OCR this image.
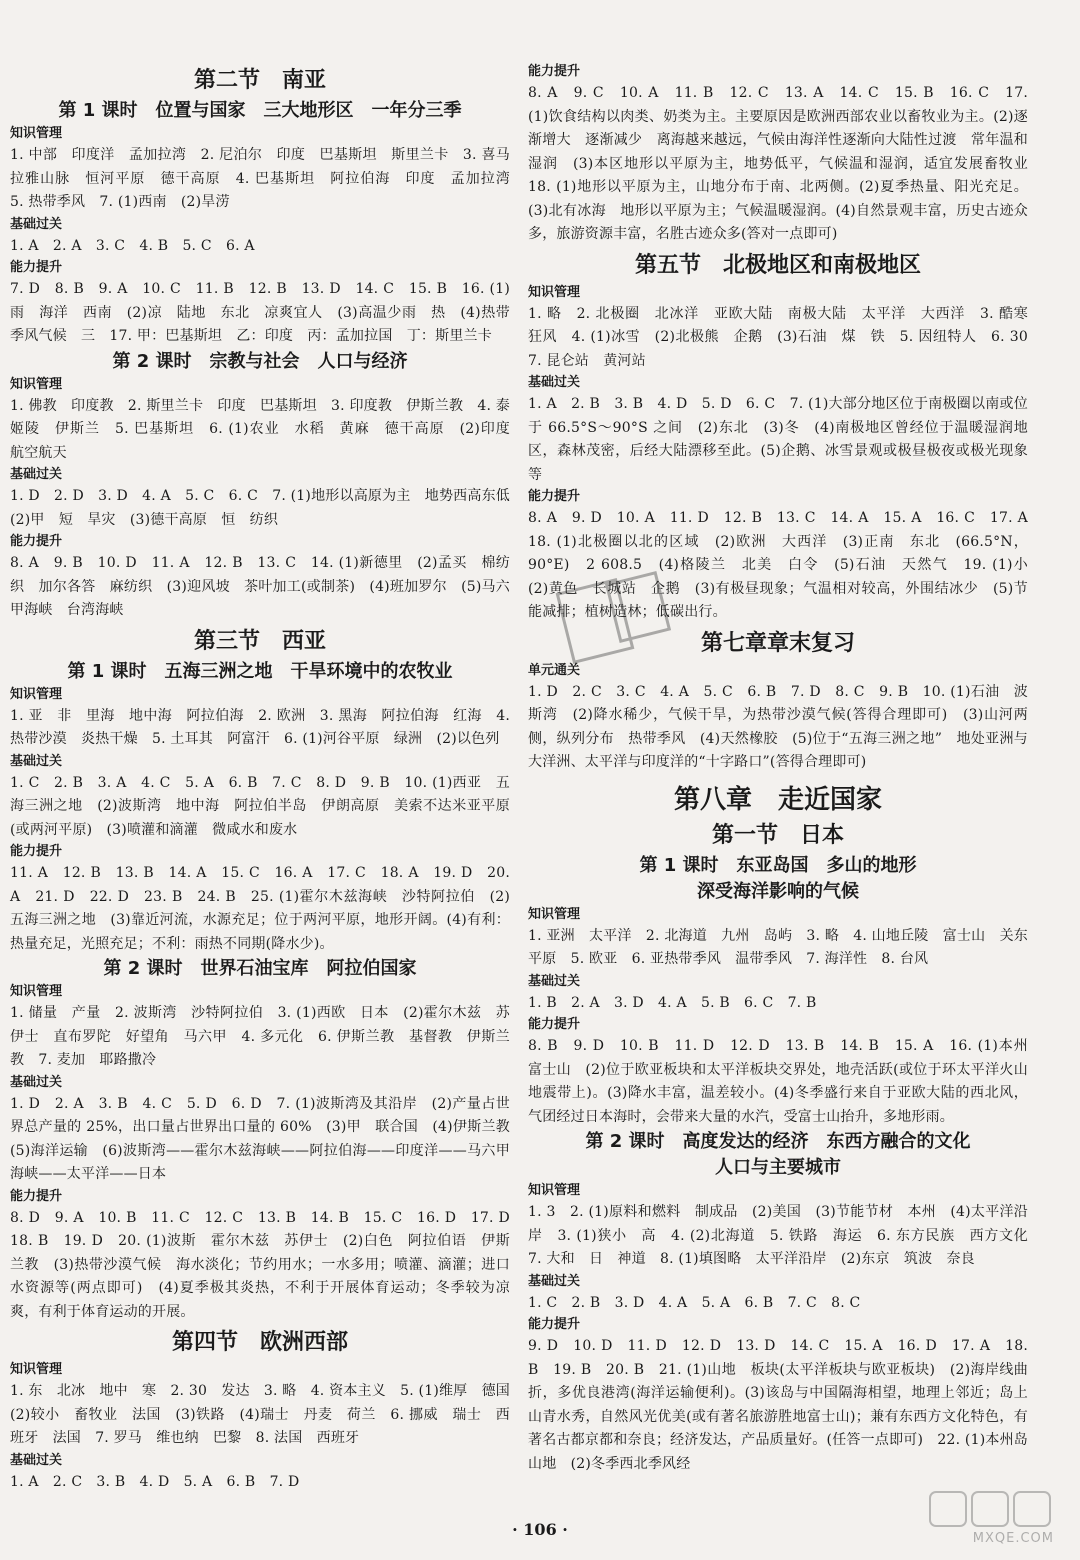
第二节　南亚
第 1 课时　位置与国家　三大地形区　一年分三季
知识管理
1. 中部　印度洋　孟加拉湾　2. 尼泊尔　印度　巴基斯坦　斯里兰卡　3. 喜马拉雅山脉　恒河平原　德干高原　4. 巴基斯坦　阿拉伯海　印度　孟加拉湾　5. 热带季风　7. (1)西南　(2)旱涝
基础过关
1. A　2. A　3. C　4. B　5. C　6. A
能力提升
7. D　8. B　9. A　10. C　11. B　12. B　13. D　14. C　15. B　16. (1)雨　海洋　西南　(2)凉　陆地　东北　凉爽宜人　(3)高温少雨　热　(4)热带季风气候　三　17. 甲：巴基斯坦　乙：印度　丙：孟加拉国　丁：斯里兰卡
第 2 课时　宗教与社会　人口与经济
知识管理
1. 佛教　印度教　2. 斯里兰卡　印度　巴基斯坦　3. 印度教　伊斯兰教　4. 泰姬陵　伊斯兰　5. 巴基斯坦　6. (1)农业　水稻　黄麻　德干高原　(2)印度　航空航天
基础过关
1. D　2. D　3. D　4. A　5. C　6. C　7. (1)地形以高原为主　地势西高东低　(2)甲　短　旱灾　(3)德干高原　恒　纺织
能力提升
8. A　9. B　10. D　11. A　12. B　13. C　14. (1)新德里　(2)孟买　棉纺织　加尔各答　麻纺织　(3)迎风坡　茶叶加工(或制茶)　(4)班加罗尔　(5)马六甲海峡　台湾海峡
第三节　西亚
第 1 课时　五海三洲之地　干旱环境中的农牧业
知识管理
1. 亚　非　里海　地中海　阿拉伯海　2. 欧洲　3. 黑海　阿拉伯海　红海　4. 热带沙漠　炎热干燥　5. 土耳其　阿富汗　6. (1)河谷平原　绿洲　(2)以色列
基础过关
1. C　2. B　3. A　4. C　5. A　6. B　7. C　8. D　9. B　10. (1)西亚　五海三洲之地　(2)波斯湾　地中海　阿拉伯半岛　伊朗高原　美索不达米亚平原(或两河平原)　(3)喷灌和滴灌　微咸水和废水
能力提升
11. A　12. B　13. B　14. A　15. C　16. A　17. C　18. A　19. D　20. A　21. D　22. D　23. B　24. B　25. (1)霍尔木兹海峡　沙特阿拉伯　(2)五海三洲之地　(3)靠近河流，水源充足；位于两河平原，地形开阔。(4)有利：热量充足，光照充足；不利：雨热不同期(降水少)。
第 2 课时　世界石油宝库　阿拉伯国家
知识管理
1. 储量　产量　2. 波斯湾　沙特阿拉伯　3. (1)西欧　日本　(2)霍尔木兹　苏伊士　直布罗陀　好望角　马六甲　4. 多元化　6. 伊斯兰教　基督教　伊斯兰教　7. 麦加　耶路撒冷
基础过关
1. D　2. A　3. B　4. C　5. D　6. D　7. (1)波斯湾及其沿岸　(2)产量占世界总产量的 25%，出口量占世界出口量的 60%　(3)甲　联合国　(4)伊斯兰教　(5)海洋运输　(6)波斯湾——霍尔木兹海峡——阿拉伯海——印度洋——马六甲海峡——太平洋——日本
能力提升
8. D　9. A　10. B　11. C　12. C　13. B　14. B　15. C　16. D　17. D　18. B　19. D　20. (1)波斯　霍尔木兹　苏伊士　(2)白色　阿拉伯语　伊斯兰教　(3)热带沙漠气候　海水淡化；节约用水；一水多用；喷灌、滴灌；进口水资源等(两点即可)　(4)夏季极其炎热，不利于开展体育运动；冬季较为凉爽，有利于体育运动的开展。
第四节　欧洲西部
知识管理
1. 东　北冰　地中　寒　2. 30　发达　3. 略　4. 资本主义　5. (1)维厚　德国　(2)较小　畜牧业　法国　(3)铁路　(4)瑞士　丹麦　荷兰　6. 挪威　瑞士　西班牙　法国　7. 罗马　维也纳　巴黎　8. 法国　西班牙
基础过关
1. A　2. C　3. B　4. D　5. A　6. B　7. D
能力提升
8. A　9. C　10. A　11. B　12. C　13. A　14. C　15. B　16. C　17. (1)饮食结构以肉类、奶类为主。主要原因是欧洲西部农业以畜牧业为主。(2)逐渐增大　逐渐减少　离海越来越远，气候由海洋性逐渐向大陆性过渡　常年温和湿润　(3)本区地形以平原为主，地势低平，气候温和湿润，适宜发展畜牧业　18. (1)地形以平原为主，山地分布于南、北两侧。(2)夏季热量、阳光充足。(3)北有冰海　地形以平原为主；气候温暖湿润。(4)自然景观丰富，历史古迹众多，旅游资源丰富，名胜古迹众多(答对一点即可)
第五节　北极地区和南极地区
知识管理
1. 略　2. 北极圈　北冰洋　亚欧大陆　南极大陆　太平洋　大西洋　3. 酷寒　狂风　4. (1)冰雪　(2)北极熊　企鹅　(3)石油　煤　铁　5. 因纽特人　6. 30　7. 昆仑站　黄河站
基础过关
1. A　2. B　3. B　4. D　5. D　6. C　7. (1)大部分地区位于南极圈以南或位于 66.5°S～90°S 之间　(2)东北　(3)冬　(4)南极地区曾经位于温暖湿润地区，森林茂密，后经大陆漂移至此。(5)企鹅、冰雪景观或极昼极夜或极光现象等
能力提升
8. A　9. D　10. A　11. D　12. B　13. C　14. A　15. A　16. C　17. A　18. (1)北极圈以北的区域　(2)欧洲　大西洋　(3)正南　东北　(66.5°N，90°E)　2 608.5　(4)格陵兰　北美　白令　(5)石油　天然气　19. (1)小　(2)黄色　长城站　企鹅　(3)有极昼现象；气温相对较高，外围结冰少　(5)节能减排；植树造林；低碳出行。
第七章章末复习
单元通关
1. D　2. C　3. C　4. A　5. C　6. B　7. D　8. C　9. B　10. (1)石油　波斯湾　(2)降水稀少，气候干旱，为热带沙漠气候(答得合理即可)　(3)山河两侧，纵列分布　热带季风　(4)天然橡胶　(5)位于“五海三洲之地”　地处亚洲与大洋洲、太平洋与印度洋的“十字路口”(答得合理即可)
第八章　走近国家
第一节　日本
第 1 课时　东亚岛国　多山的地形
深受海洋影响的气候
知识管理
1. 亚洲　太平洋　2. 北海道　九州　岛屿　3. 略　4. 山地丘陵　富士山　关东平原　5. 欧亚　6. 亚热带季风　温带季风　7. 海洋性　8. 台风
基础过关
1. B　2. A　3. D　4. A　5. B　6. C　7. B
能力提升
8. B　9. D　10. B　11. D　12. D　13. B　14. B　15. A　16. (1)本州　富士山　(2)位于欧亚板块和太平洋板块交界处，地壳活跃(或位于环太平洋火山地震带上)。(3)降水丰富，温差较小。(4)冬季盛行来自于亚欧大陆的西北风，气团经过日本海时，会带来大量的水汽，受富士山抬升，多地形雨。
第 2 课时　高度发达的经济　东西方融合的文化
人口与主要城市
知识管理
1. 3　2. (1)原料和燃料　制成品　(2)美国　(3)节能节材　本州　(4)太平洋沿岸　3. (1)狭小　高　4. (2)北海道　5. 铁路　海运　6. 东方民族　西方文化　7. 大和　日　神道　8. (1)填图略　太平洋沿岸　(2)东京　筑波　奈良
基础过关
1. C　2. B　3. D　4. A　5. A　6. B　7. C　8. C
能力提升
9. D　10. D　11. D　12. D　13. D　14. C　15. A　16. D　17. A　18. B　19. B　20. B　21. (1)山地　板块(太平洋板块与欧亚板块)　(2)海岸线曲折，多优良港湾(海洋运输便利)。(3)该岛与中国隔海相望，地理上邻近；岛上山青水秀，自然风光优美(或有著名旅游胜地富士山)；兼有东西方文化特色，有著名古都京都和奈良；经济发达，产品质量好。(任答一点即可)　22. (1)本州岛　山地　(2)冬季西北季风经
· 106 ·	MXQE.COM
